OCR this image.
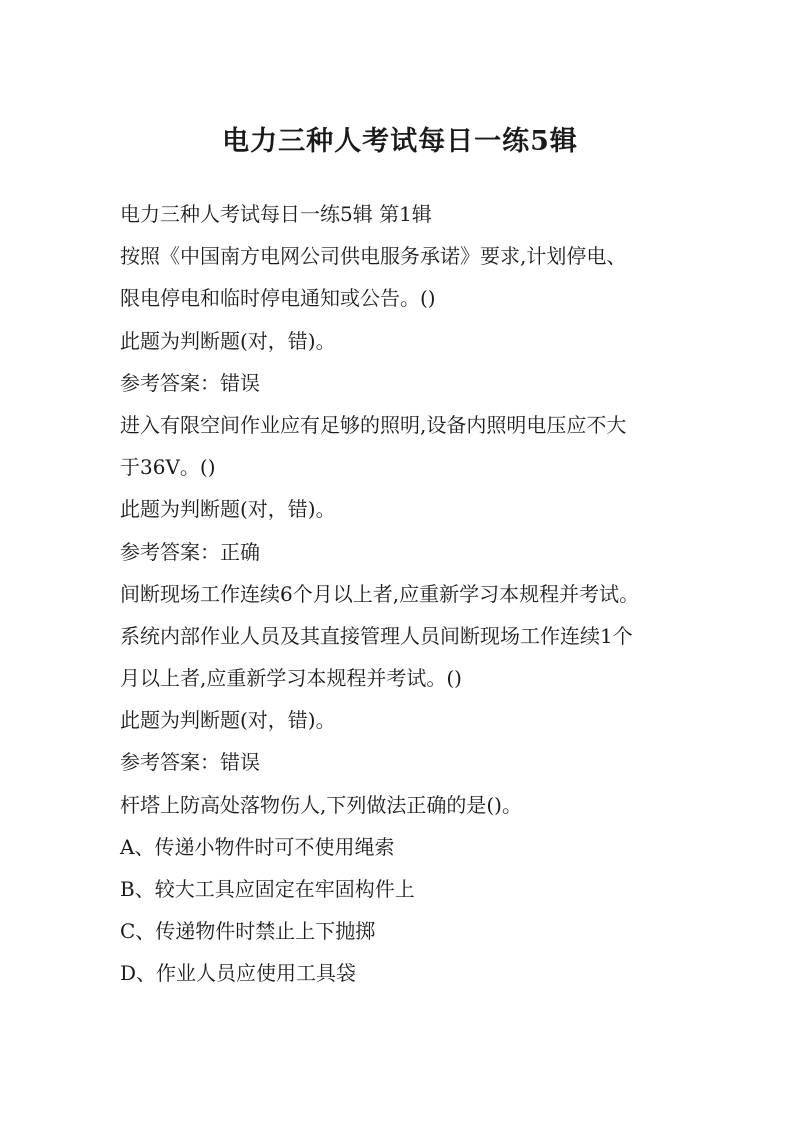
电力三种人考试每日一练5辑

电力三种人考试每日一练5辑 第1辑

按照《中国南方电网公司供电服务承诺》要求,计划停电、

限电停电和临时停电通知或公告。()

此题为判断题(对，错)。

参考答案：错误

进入有限空间作业应有足够的照明,设备内照明电压应不大

于36V。()

此题为判断题(对，错)。

参考答案：正确

间断现场工作连续6个月以上者,应重新学习本规程并考试。

系统内部作业人员及其直接管理人员间断现场工作连续1个

月以上者,应重新学习本规程并考试。()

此题为判断题(对，错)。

参考答案：错误

杆塔上防高处落物伤人,下列做法正确的是()。

A、传递小物件时可不使用绳索

B、较大工具应固定在牢固构件上

C、传递物件时禁止上下抛掷

D、作业人员应使用工具袋
